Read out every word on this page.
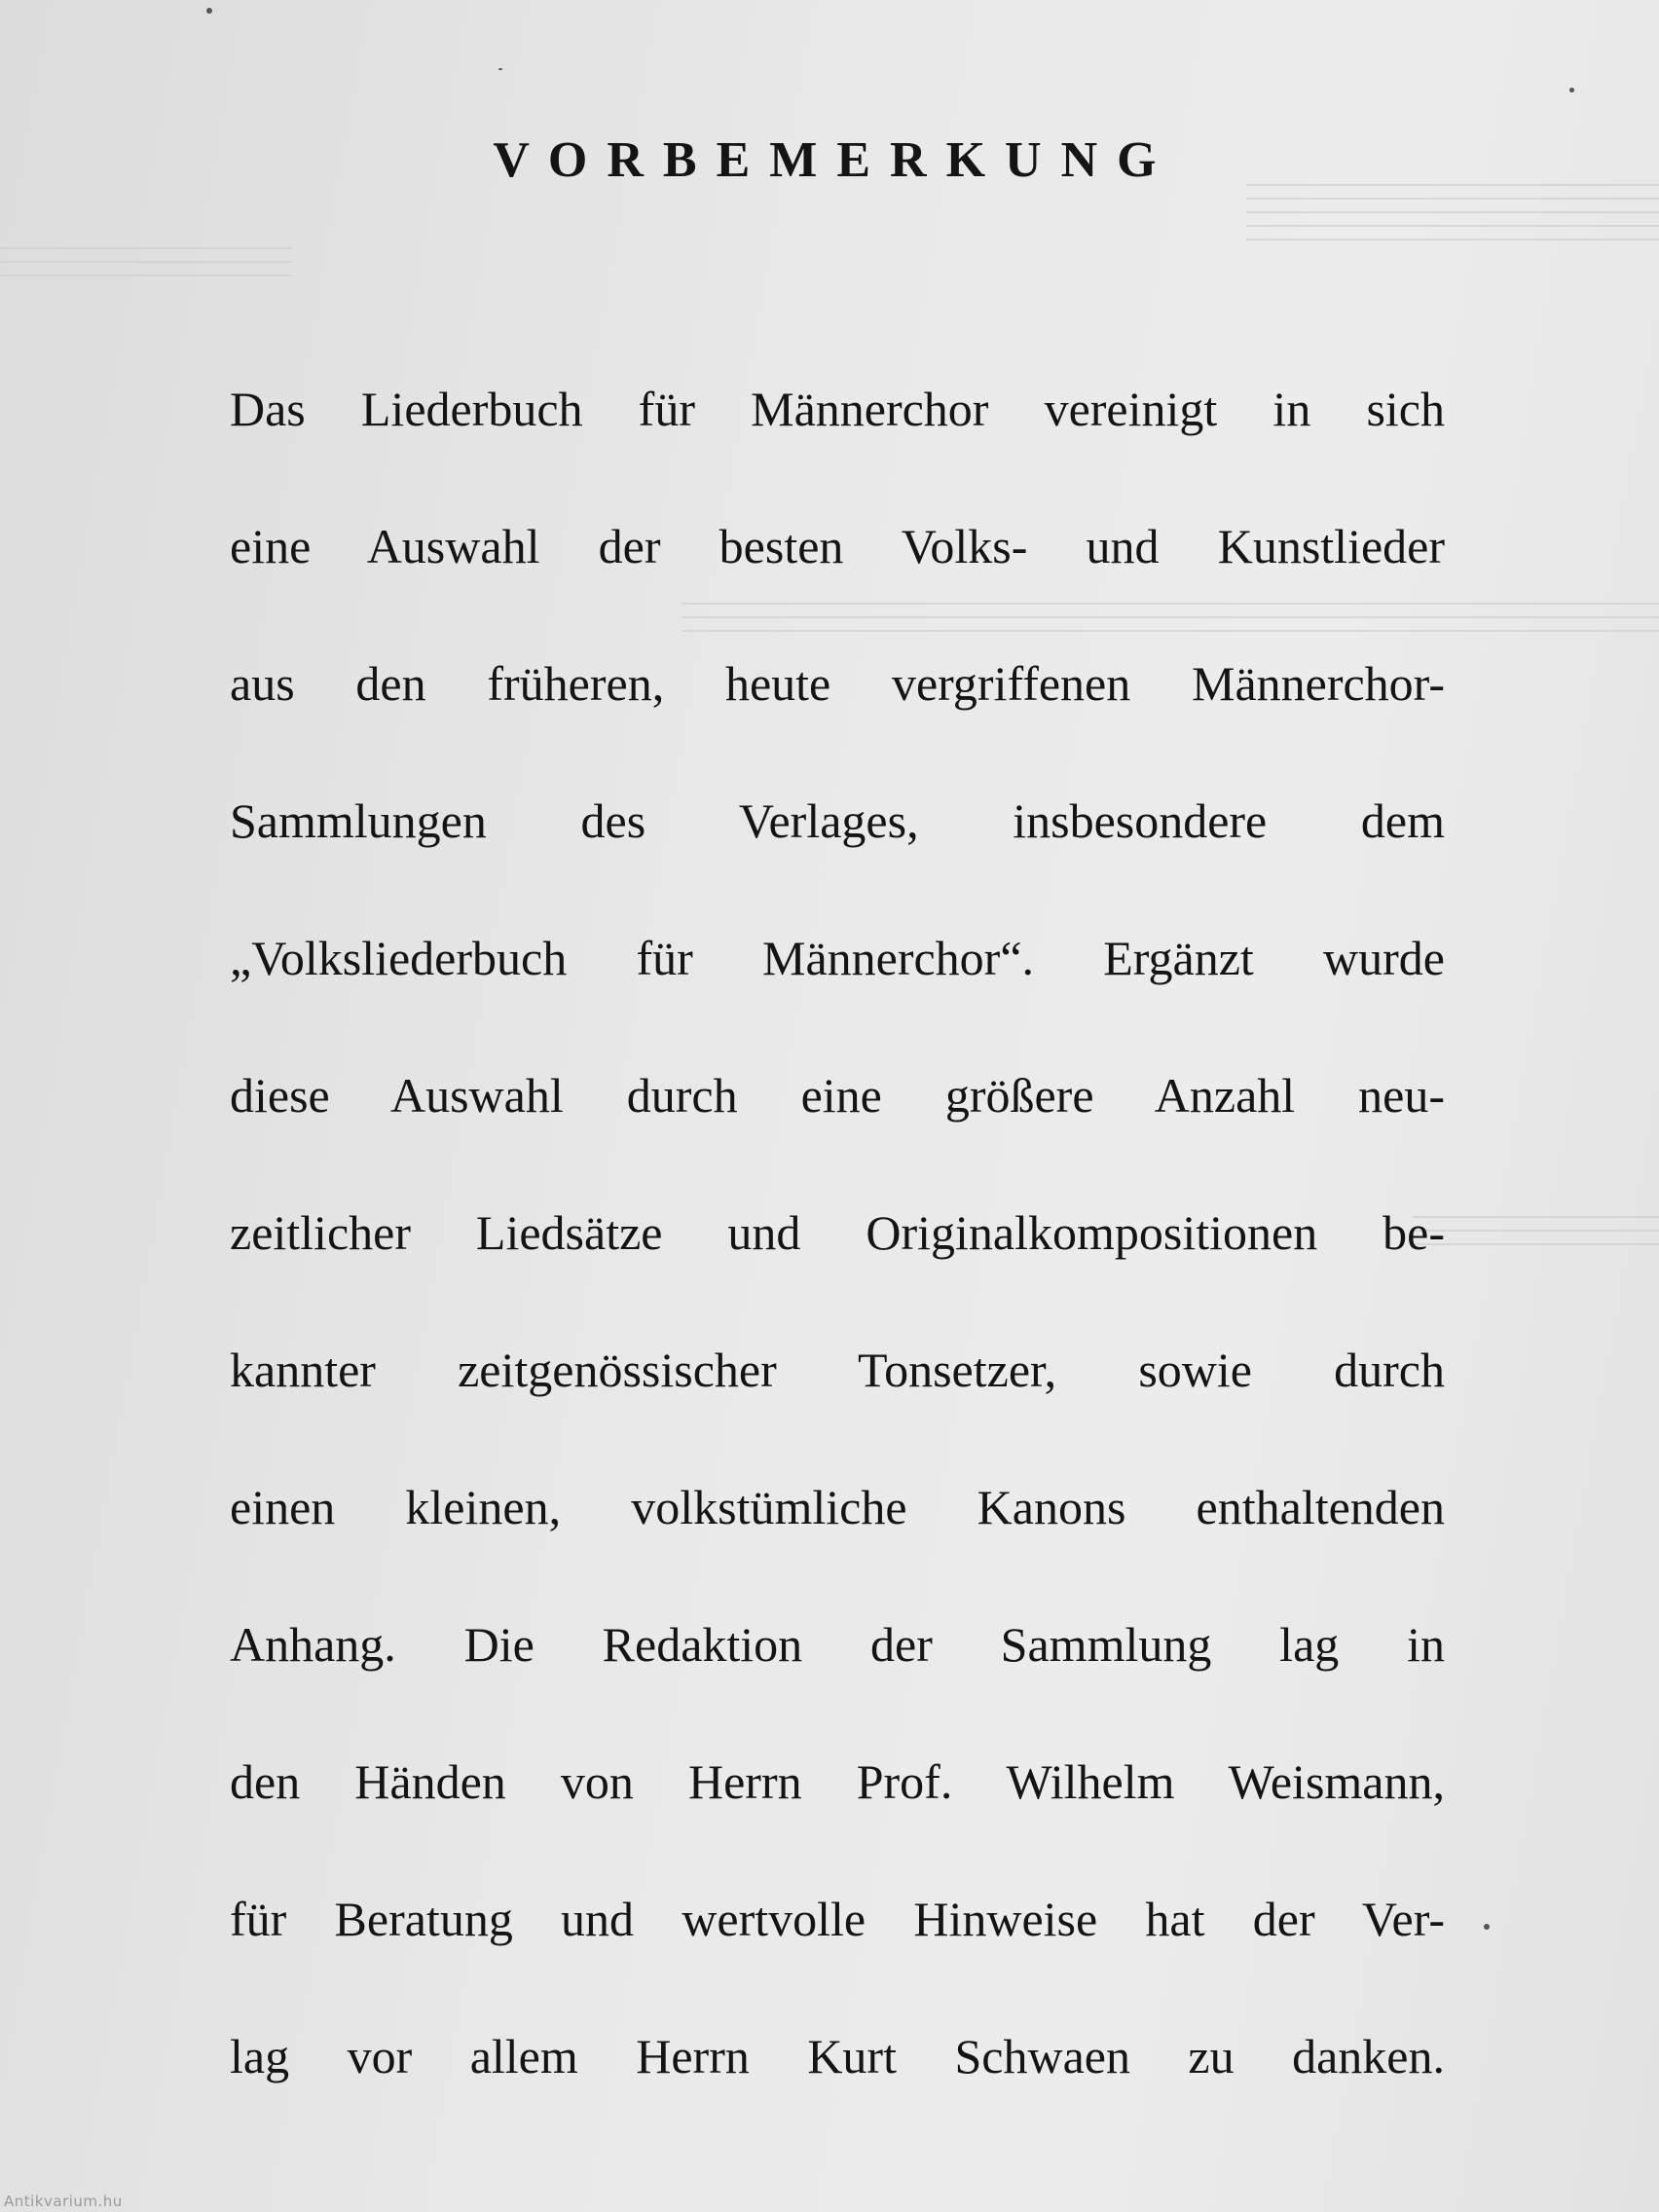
VORBEMERKUNG
Das Liederbuch für Männerchor vereinigt in sich
eine Auswahl der besten Volks- und Kunstlieder
aus den früheren, heute vergriffenen Männerchor-
Sammlungen des Verlages, insbesondere dem
„Volksliederbuch für Männerchor“. Ergänzt wurde
diese Auswahl durch eine größere Anzahl neu-
zeitlicher Liedsätze und Originalkompositionen be-
kannter zeitgenössischer Tonsetzer, sowie durch
einen kleinen, volkstümliche Kanons enthaltenden
Anhang. Die Redaktion der Sammlung lag in
den Händen von Herrn Prof. Wilhelm Weismann,
für Beratung und wertvolle Hinweise hat der Ver-
lag vor allem Herrn Kurt Schwaen zu danken.
Antikvarium.hu
